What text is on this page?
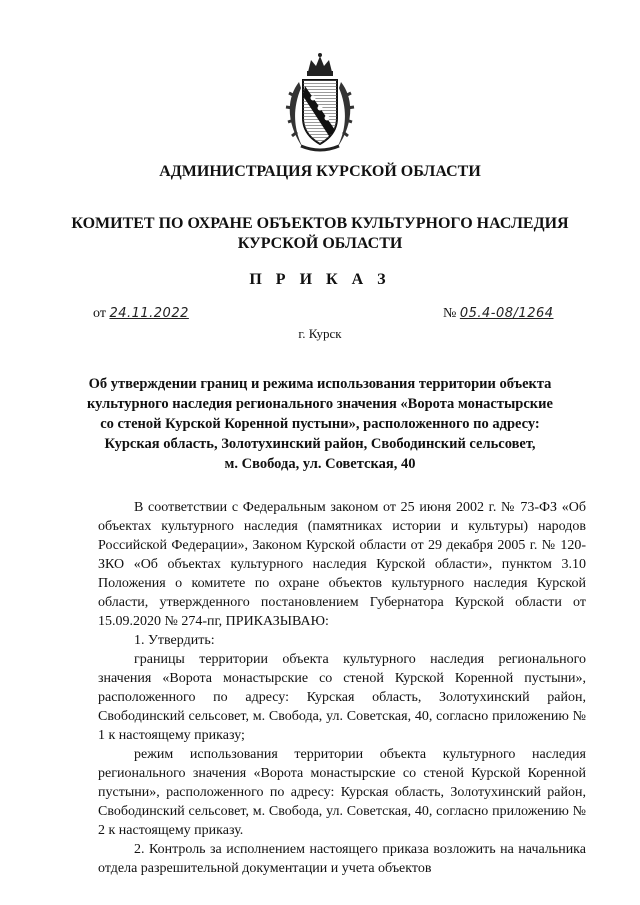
АДМИНИСТРАЦИЯ КУРСКОЙ ОБЛАСТИ
КОМИТЕТ ПО ОХРАНЕ ОБЪЕКТОВ КУЛЬТУРНОГО НАСЛЕДИЯ
КУРСКОЙ ОБЛАСТИ
П Р И К А З
от 24.11.2022	№ 05.4-08/1264
г. Курск
Об утверждении границ и режима использования территории объекта
культурного наследия регионального значения «Ворота монастырские
со стеной Курской Коренной пустыни», расположенного по адресу:
Курская область, Золотухинский район, Свободинский сельсовет,
м. Свобода, ул. Советская, 40

В соответствии с Федеральным законом от 25 июня 2002 г. № 73-ФЗ «Об объектах культурного наследия (памятниках истории и культуры) народов Российской Федерации», Законом Курской области от 29 декабря 2005 г. № 120-ЗКО «Об объектах культурного наследия Курской области», пунктом 3.10 Положения о комитете по охране объектов культурного наследия Курской области, утвержденного постановлением Губернатора Курской области от 15.09.2020 № 274-пг, ПРИКАЗЫВАЮ:

1. Утвердить:

границы территории объекта культурного наследия регионального значения «Ворота монастырские со стеной Курской Коренной пустыни», расположенного по адресу: Курская область, Золотухинский район, Свободинский сельсовет, м. Свобода, ул. Советская, 40, согласно приложению № 1 к настоящему приказу;

режим использования территории объекта культурного наследия регионального значения «Ворота монастырские со стеной Курской Коренной пустыни», расположенного по адресу: Курская область, Золотухинский район, Свободинский сельсовет, м. Свобода, ул. Советская, 40, согласно приложению № 2 к настоящему приказу.

2. Контроль за исполнением настоящего приказа возложить на начальника отдела разрешительной документации и учета объектов
